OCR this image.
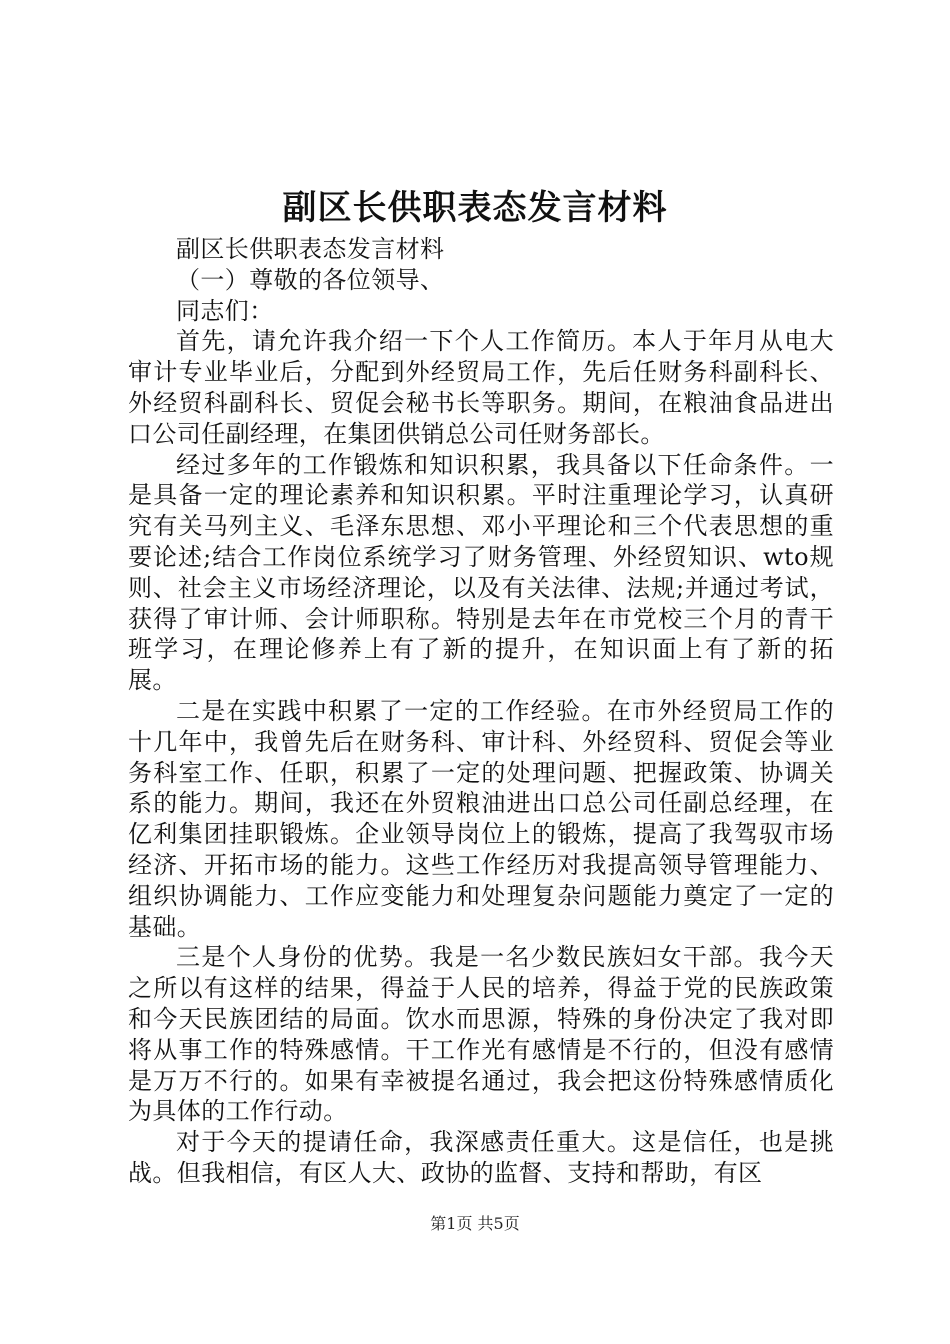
副区长供职表态发言材料

副区长供职表态发言材料

（一）尊敬的各位领导、

同志们：

首先，请允许我介绍一下个人工作简历。本人于年月从电大审计专业毕业后，分配到外经贸局工作，先后任财务科副科长、外经贸科副科长、贸促会秘书长等职务。期间，在粮油食品进出口公司任副经理，在集团供销总公司任财务部长。

经过多年的工作锻炼和知识积累，我具备以下任命条件。一是具备一定的理论素养和知识积累。平时注重理论学习，认真研究有关马列主义、毛泽东思想、邓小平理论和三个代表思想的重要论述;结合工作岗位系统学习了财务管理、外经贸知识、wto规则、社会主义市场经济理论，以及有关法律、法规;并通过考试，获得了审计师、会计师职称。特别是去年在市党校三个月的青干班学习，在理论修养上有了新的提升，在知识面上有了新的拓展。

二是在实践中积累了一定的工作经验。在市外经贸局工作的十几年中，我曾先后在财务科、审计科、外经贸科、贸促会等业务科室工作、任职，积累了一定的处理问题、把握政策、协调关系的能力。期间，我还在外贸粮油进出口总公司任副总经理，在亿利集团挂职锻炼。企业领导岗位上的锻炼，提高了我驾驭市场经济、开拓市场的能力。这些工作经历对我提高领导管理能力、组织协调能力、工作应变能力和处理复杂问题能力奠定了一定的基础。

三是个人身份的优势。我是一名少数民族妇女干部。我今天之所以有这样的结果，得益于人民的培养，得益于党的民族政策和今天民族团结的局面。饮水而思源，特殊的身份决定了我对即将从事工作的特殊感情。干工作光有感情是不行的，但没有感情是万万不行的。如果有幸被提名通过，我会把这份特殊感情质化为具体的工作行动。

对于今天的提请任命，我深感责任重大。这是信任，也是挑战。但我相信，有区人大、政协的监督、支持和帮助，有区

第1页 共5页
